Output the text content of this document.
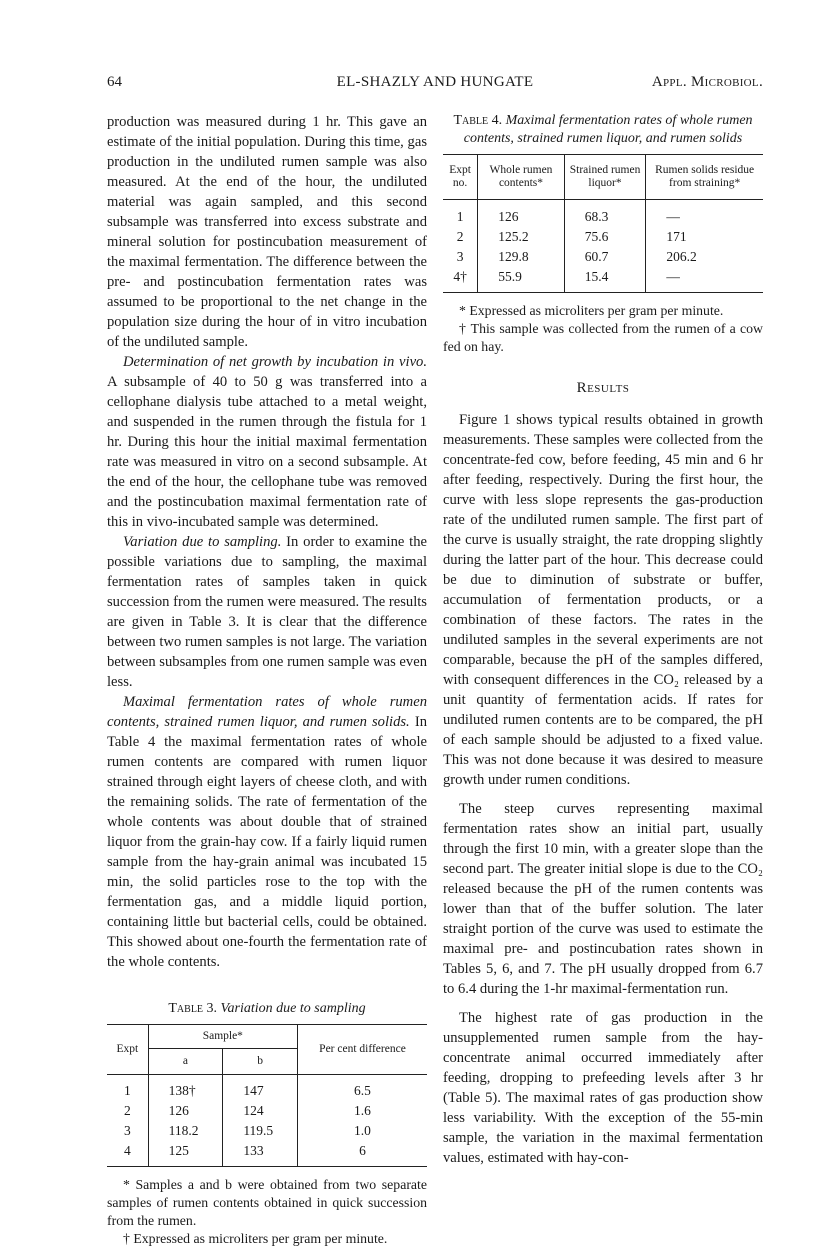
64	EL-SHAZLY AND HUNGATE	Appl. Microbiol.

production was measured during 1 hr. This gave an estimate of the initial population. During this time, gas production in the undiluted rumen sample was also measured. At the end of the hour, the undiluted material was again sampled, and this second subsample was transferred into excess substrate and mineral solution for postincubation measurement of the maximal fermentation. The difference between the pre- and postincubation fermentation rates was assumed to be proportional to the net change in the population size during the hour of in vitro incubation of the undiluted sample.

Determination of net growth by incubation in vivo. A subsample of 40 to 50 g was transferred into a cellophane dialysis tube attached to a metal weight, and suspended in the rumen through the fistula for 1 hr. During this hour the initial maximal fermentation rate was measured in vitro on a second subsample. At the end of the hour, the cellophane tube was removed and the postincubation maximal fermentation rate of this in vivo-incubated sample was determined.

Variation due to sampling. In order to examine the possible variations due to sampling, the maximal fermentation rates of samples taken in quick succession from the rumen were measured. The results are given in Table 3. It is clear that the difference between two rumen samples is not large. The variation between subsamples from one rumen sample was even less.

Maximal fermentation rates of whole rumen contents, strained rumen liquor, and rumen solids. In Table 4 the maximal fermentation rates of whole rumen contents are compared with rumen liquor strained through eight layers of cheese cloth, and with the remaining solids. The rate of fermentation of the whole contents was about double that of strained liquor from the grain-hay cow. If a fairly liquid rumen sample from the hay-grain animal was incubated 15 min, the solid particles rose to the top with the fermentation gas, and a middle liquid portion, containing little but bacterial cells, could be obtained. This showed about one-fourth the fermentation rate of the whole contents.

Table 3. Variation due to sampling

Expt	Sample*		Per cent difference
	a	b	

1	138†	147	6.5
2	126	124	1.6
3	118.2	119.5	1.0
4	125	133	6

* Samples a and b were obtained from two separate samples of rumen contents obtained in quick succession from the rumen.

† Expressed as microliters per gram per minute.

Table 4. Maximal fermentation rates of whole rumen contents, strained rumen liquor, and rumen solids

Expt no.	Whole rumen contents*	Strained rumen liquor*	Rumen solids residue from straining*

1	126	68.3	—
2	125.2	75.6	171
3	129.8	60.7	206.2
4†	55.9	15.4	—

* Expressed as microliters per gram per minute.

† This sample was collected from the rumen of a cow fed on hay.

Results

Figure 1 shows typical results obtained in growth measurements. These samples were collected from the concentrate-fed cow, before feeding, 45 min and 6 hr after feeding, respectively. During the first hour, the curve with less slope represents the gas-production rate of the undiluted rumen sample. The first part of the curve is usually straight, the rate dropping slightly during the latter part of the hour. This decrease could be due to diminution of substrate or buffer, accumulation of fermentation products, or a combination of these factors. The rates in the undiluted samples in the several experiments are not comparable, because the pH of the samples differed, with consequent differences in the CO₂ released by a unit quantity of fermentation acids. If rates for undiluted rumen contents are to be compared, the pH of each sample should be adjusted to a fixed value. This was not done because it was desired to measure growth under rumen conditions.

The steep curves representing maximal fermentation rates show an initial part, usually through the first 10 min, with a greater slope than the second part. The greater initial slope is due to the CO₂ released because the pH of the rumen contents was lower than that of the buffer solution. The later straight portion of the curve was used to estimate the maximal pre- and postincubation rates shown in Tables 5, 6, and 7. The pH usually dropped from 6.7 to 6.4 during the 1-hr maximal-fermentation run.

The highest rate of gas production in the unsupplemented rumen sample from the hay-concentrate animal occurred immediately after feeding, dropping to prefeeding levels after 3 hr (Table 5). The maximal rates of gas production show less variability. With the exception of the 55-min sample, the variation in the maximal fermentation values, estimated with hay-con-
